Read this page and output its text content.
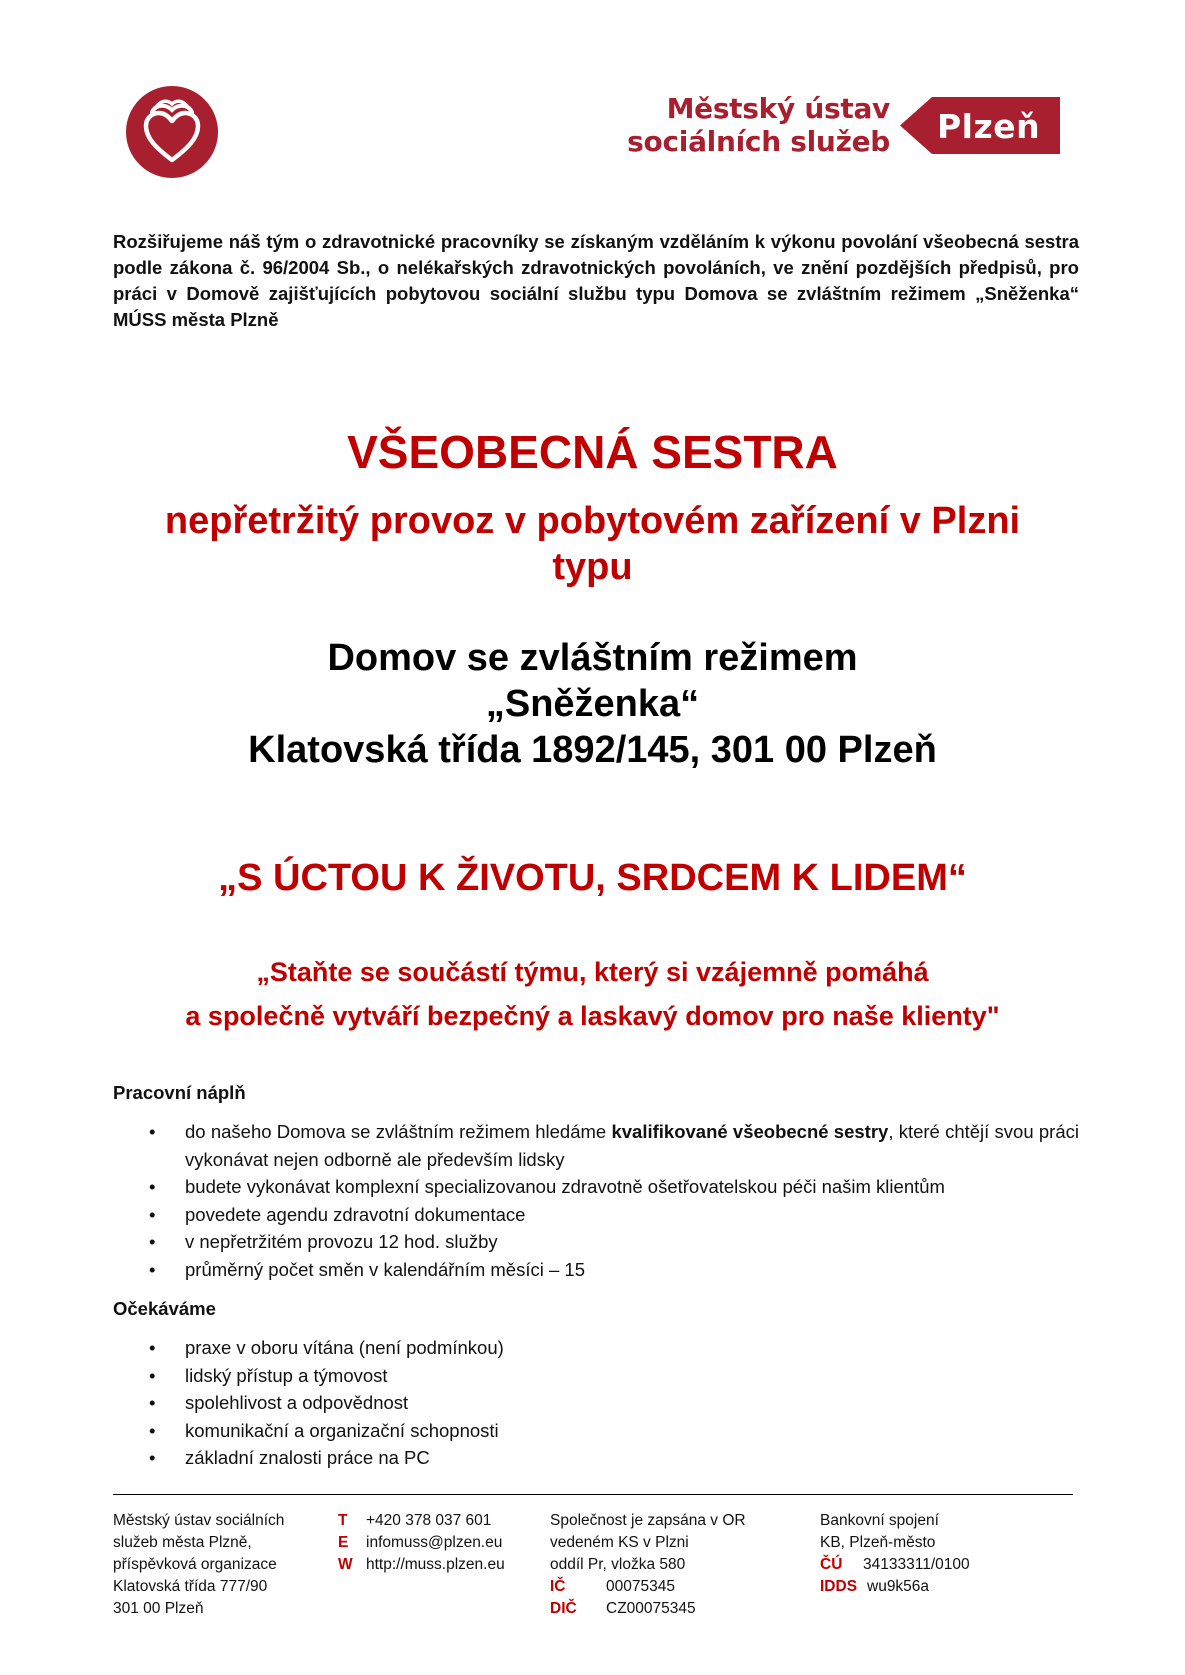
Městský ústav
sociálních služeb Plzeň
Rozšiřujeme náš tým o zdravotnické pracovníky se získaným vzděláním k výkonu povolání všeobecná sestra podle zákona č. 96/2004 Sb., o nelékařských zdravotnických povoláních, ve znění pozdějších předpisů, pro práci v Domově zajišťujících pobytovou sociální službu typu Domova se zvláštním režimem „Sněženka“ MÚSS města Plzně
VŠEOBECNÁ SESTRA
nepřetržitý provoz v pobytovém zařízení v Plzni
typu
Domov se zvláštním režimem
„Sněženka“
Klatovská třída 1892/145, 301 00 Plzeň
„S ÚCTOU K ŽIVOTU, SRDCEM K LIDEM“
„Staňte se součástí týmu, který si vzájemně pomáhá
a společně vytváří bezpečný a laskavý domov pro naše klienty"
Pracovní náplň
• do našeho Domova se zvláštním režimem hledáme kvalifikované všeobecné sestry, které chtějí svou práci vykonávat nejen odborně ale především lidsky
• budete vykonávat komplexní specializovanou zdravotně ošetřovatelskou péči našim klientům
• povedete agendu zdravotní dokumentace
• v nepřetržitém provozu 12 hod. služby
• průměrný počet směn v kalendářním měsíci – 15
Očekáváme
• praxe v oboru vítána (není podmínkou)
• lidský přístup a týmovost
• spolehlivost a odpovědnost
• komunikační a organizační schopnosti
• základní znalosti práce na PC
Městský ústav sociálních
služeb města Plzně,
příspěvková organizace
Klatovská třída 777/90
301 00 Plzeň
T +420 378 037 601
E infomuss@plzen.eu
W http://muss.plzen.eu
Společnost je zapsána v OR
vedeném KS v Plzni
oddíl Pr, vložka 580
IČ	00075345
DIČ CZ00075345
Bankovní spojení
KB, Plzeň-město
ČÚ 34133311/0100
IDDS wu9k56a
